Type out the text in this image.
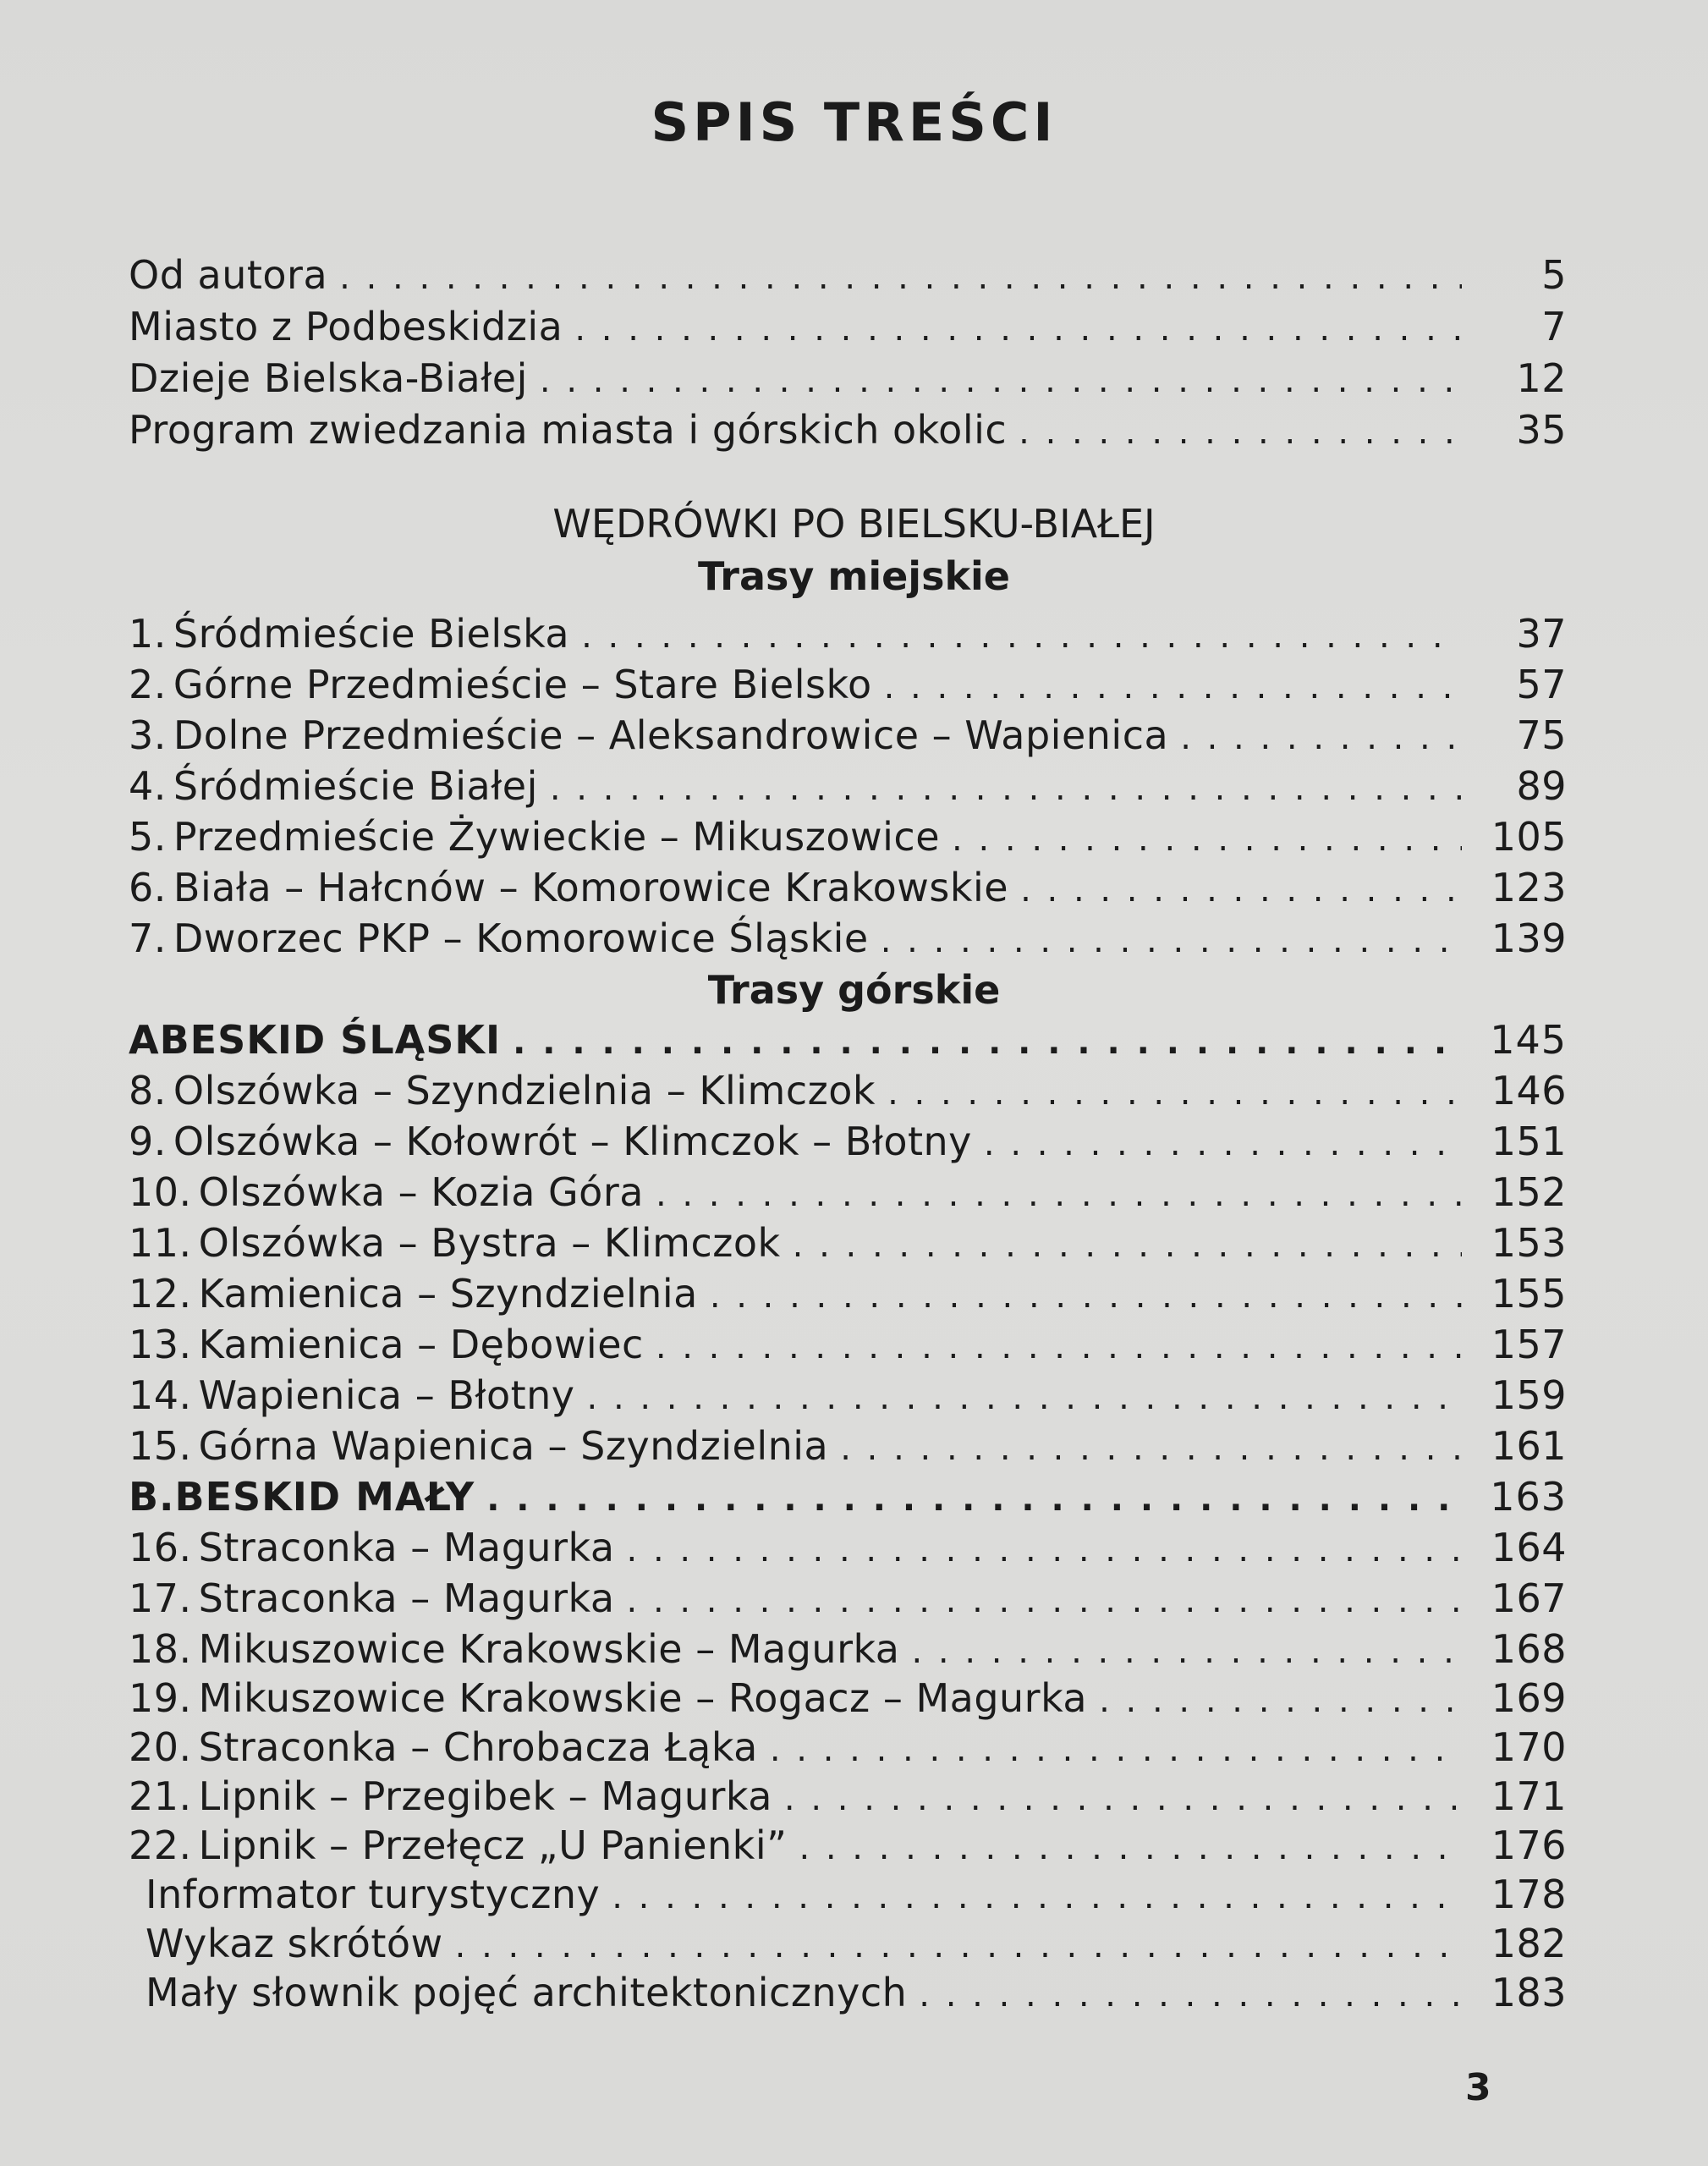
SPIS TREŚCI
Od autora . . .	5
Miasto z Podbeskidzia . . .	7
Dzieje Bielska-Białej . . .	12
Program zwiedzania miasta i górskich okolic . . .	35
WĘDRÓWKI PO BIELSKU-BIAŁEJ
Trasy miejskie
1. Śródmieście Bielska . . .	37
2. Górne Przedmieście – Stare Bielsko . . .	57
3. Dolne Przedmieście – Aleksandrowice – Wapienica . . .	75
4. Śródmieście Białej . . .	89
5. Przedmieście Żywieckie – Mikuszowice . . .	105
6. Biała – Hałcnów – Komorowice Krakowskie . . .	123
7. Dworzec PKP – Komorowice Śląskie . . .	139
Trasy górskie
A BESKID ŚLĄSKI . . .	145
8. Olszówka – Szyndzielnia – Klimczok . . .	146
9. Olszówka – Kołowrót – Klimczok – Błotny . . .	151
10. Olszówka – Kozia Góra . . .	152
11. Olszówka – Bystra – Klimczok . . .	153
12. Kamienica – Szyndzielnia . . .	155
13. Kamienica – Dębowiec . . .	157
14. Wapienica – Błotny . . .	159
15. Górna Wapienica – Szyndzielnia . . .	161
B. BESKID MAŁY . . .	163
16. Straconka – Magurka . . .	164
17. Straconka – Magurka . . .	167
18. Mikuszowice Krakowskie – Magurka . . .	168
19. Mikuszowice Krakowskie – Rogacz – Magurka . . .	169
20. Straconka – Chrobacza Łąka . . .	170
21. Lipnik – Przegibek – Magurka . . .	171
22. Lipnik – Przełęcz „U Panienki” . . .	176
Informator turystyczny . . .	178
Wykaz skrótów . . .	182
Mały słownik pojęć architektonicznych . . .	183
3
